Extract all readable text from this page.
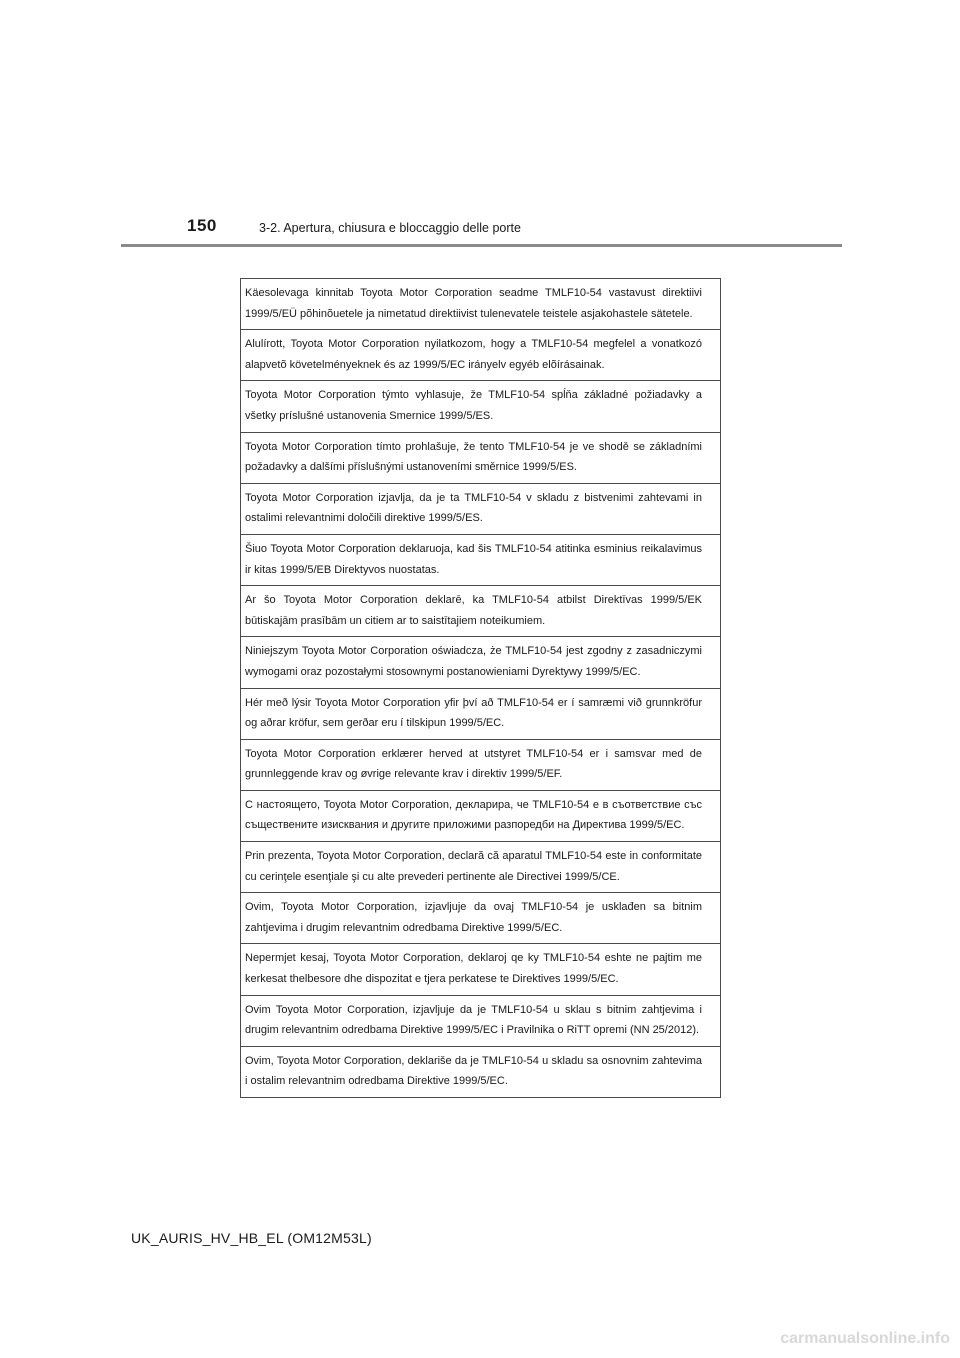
150	3-2. Apertura, chiusura e bloccaggio delle porte
Käesolevaga kinnitab Toyota Motor Corporation seadme TMLF10-54 vastavust direktiivi 1999/5/EÜ põhinõuetele ja nimetatud direktiivist tulenevatele teistele asjakohastele sätetele.
Alulírott, Toyota Motor Corporation nyilatkozom, hogy a TMLF10-54 megfelel a vonatkozó alapvetõ követelményeknek és az 1999/5/EC irányelv egyéb elõírásainak.
Toyota Motor Corporation týmto vyhlasuje, že TMLF10-54 spĺňa základné požiadavky a všetky príslušné ustanovenia Smernice 1999/5/ES.
Toyota Motor Corporation tímto prohlašuje, že tento TMLF10-54 je ve shodě se základními požadavky a dalšími příslušnými ustanoveními směrnice 1999/5/ES.
Toyota Motor Corporation izjavlja, da je ta TMLF10-54 v skladu z bistvenimi zahtevami in ostalimi relevantnimi določili direktive 1999/5/ES.
Šiuo Toyota Motor Corporation deklaruoja, kad šis TMLF10-54 atitinka esminius reikalavimus ir kitas 1999/5/EB Direktyvos nuostatas.
Ar šo Toyota Motor Corporation deklarē, ka TMLF10-54 atbilst Direktīvas 1999/5/EK būtiskajām prasībām un citiem ar to saistītajiem noteikumiem.
Niniejszym Toyota Motor Corporation oświadcza, że TMLF10-54 jest zgodny z zasadniczymi wymogami oraz pozostałymi stosownymi postanowieniami Dyrektywy 1999/5/EC.
Hér með lýsir Toyota Motor Corporation yfir því að TMLF10-54 er í samræmi við grunnkröfur og aðrar kröfur, sem gerðar eru í tilskipun 1999/5/EC.
Toyota Motor Corporation erklærer herved at utstyret TMLF10-54 er i samsvar med de grunnleggende krav og øvrige relevante krav i direktiv 1999/5/EF.
С настоящето, Toyota Motor Corporation, декларира, че TMLF10-54 е в съответствие със съществените изисквания и другите приложими разпоредби на Директива 1999/5/EC.
Prin prezenta, Toyota Motor Corporation, declară că aparatul TMLF10-54 este in conformitate cu cerinţele esenţiale şi cu alte prevederi pertinente ale Directivei 1999/5/CE.
Ovim, Toyota Motor Corporation, izjavljuje da ovaj TMLF10-54 je usklađen sa bitnim zahtjevima i drugim relevantnim odredbama Direktive 1999/5/EC.
Nepermjet kesaj, Toyota Motor Corporation, deklaroj qe ky TMLF10-54 eshte ne pajtim me kerkesat thelbesore dhe dispozitat e tjera perkatese te Direktives 1999/5/EC.
Ovim Toyota Motor Corporation, izjavljuje da je TMLF10-54 u sklau s bitnim zahtjevima i drugim relevantnim odredbama Direktive 1999/5/EC i Pravilnika o RiTT opremi (NN 25/2012).
Ovim, Toyota Motor Corporation, deklariše da je TMLF10-54 u skladu sa osnovnim zahtevima i ostalim relevantnim odredbama Direktive 1999/5/EC.
UK_AURIS_HV_HB_EL (OM12M53L)
carmanualsonline.info
